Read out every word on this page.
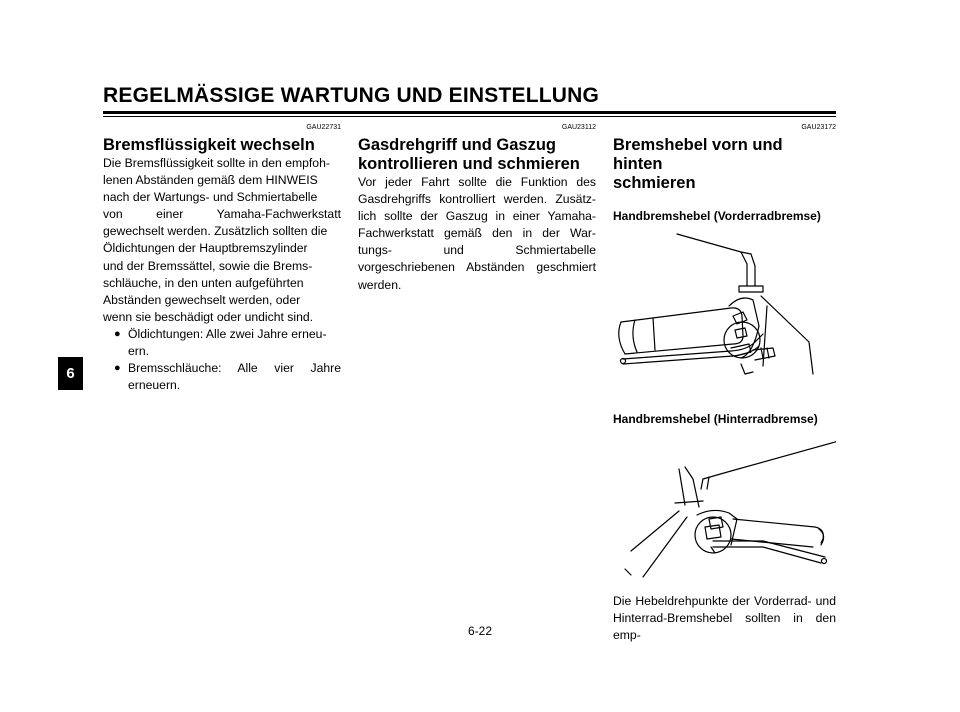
REGELMÄSSIGE WARTUNG UND EINSTELLUNG
6
GAU22731
Bremsflüssigkeit wechseln
Die Bremsflüssigkeit sollte in den empfoh-
lenen Abständen gemäß dem HINWEIS
nach der Wartungs- und Schmiertabelle
von einer Yamaha-Fachwerkstatt
gewechselt werden. Zusätzlich sollten die
Öldichtungen der Hauptbremszylinder
und der Bremssättel, sowie die Brems-
schläuche, in den unten aufgeführten
Abständen gewechselt werden, oder
wenn sie beschädigt oder undicht sind.
● Öldichtungen: Alle zwei Jahre erneu-
ern.
● Bremsschläuche: Alle vier Jahre
erneuern.
GAU23112
Gasdrehgriff und Gaszug
kontrollieren und schmieren
Vor jeder Fahrt sollte die Funktion des
Gasdrehgriffs kontrolliert werden. Zusätz-
lich sollte der Gaszug in einer Yamaha-
Fachwerkstatt gemäß den in der War-
tungs- und Schmiertabelle
vorgeschriebenen Abständen geschmiert
werden.
GAU23172
Bremshebel vorn und hinten
schmieren
Handbremshebel (Vorderradbremse)
Handbremshebel (Hinterradbremse)
Die Hebeldrehpunkte der Vorderrad- und
Hinterrad-Bremshebel sollten in den emp-
6-22
